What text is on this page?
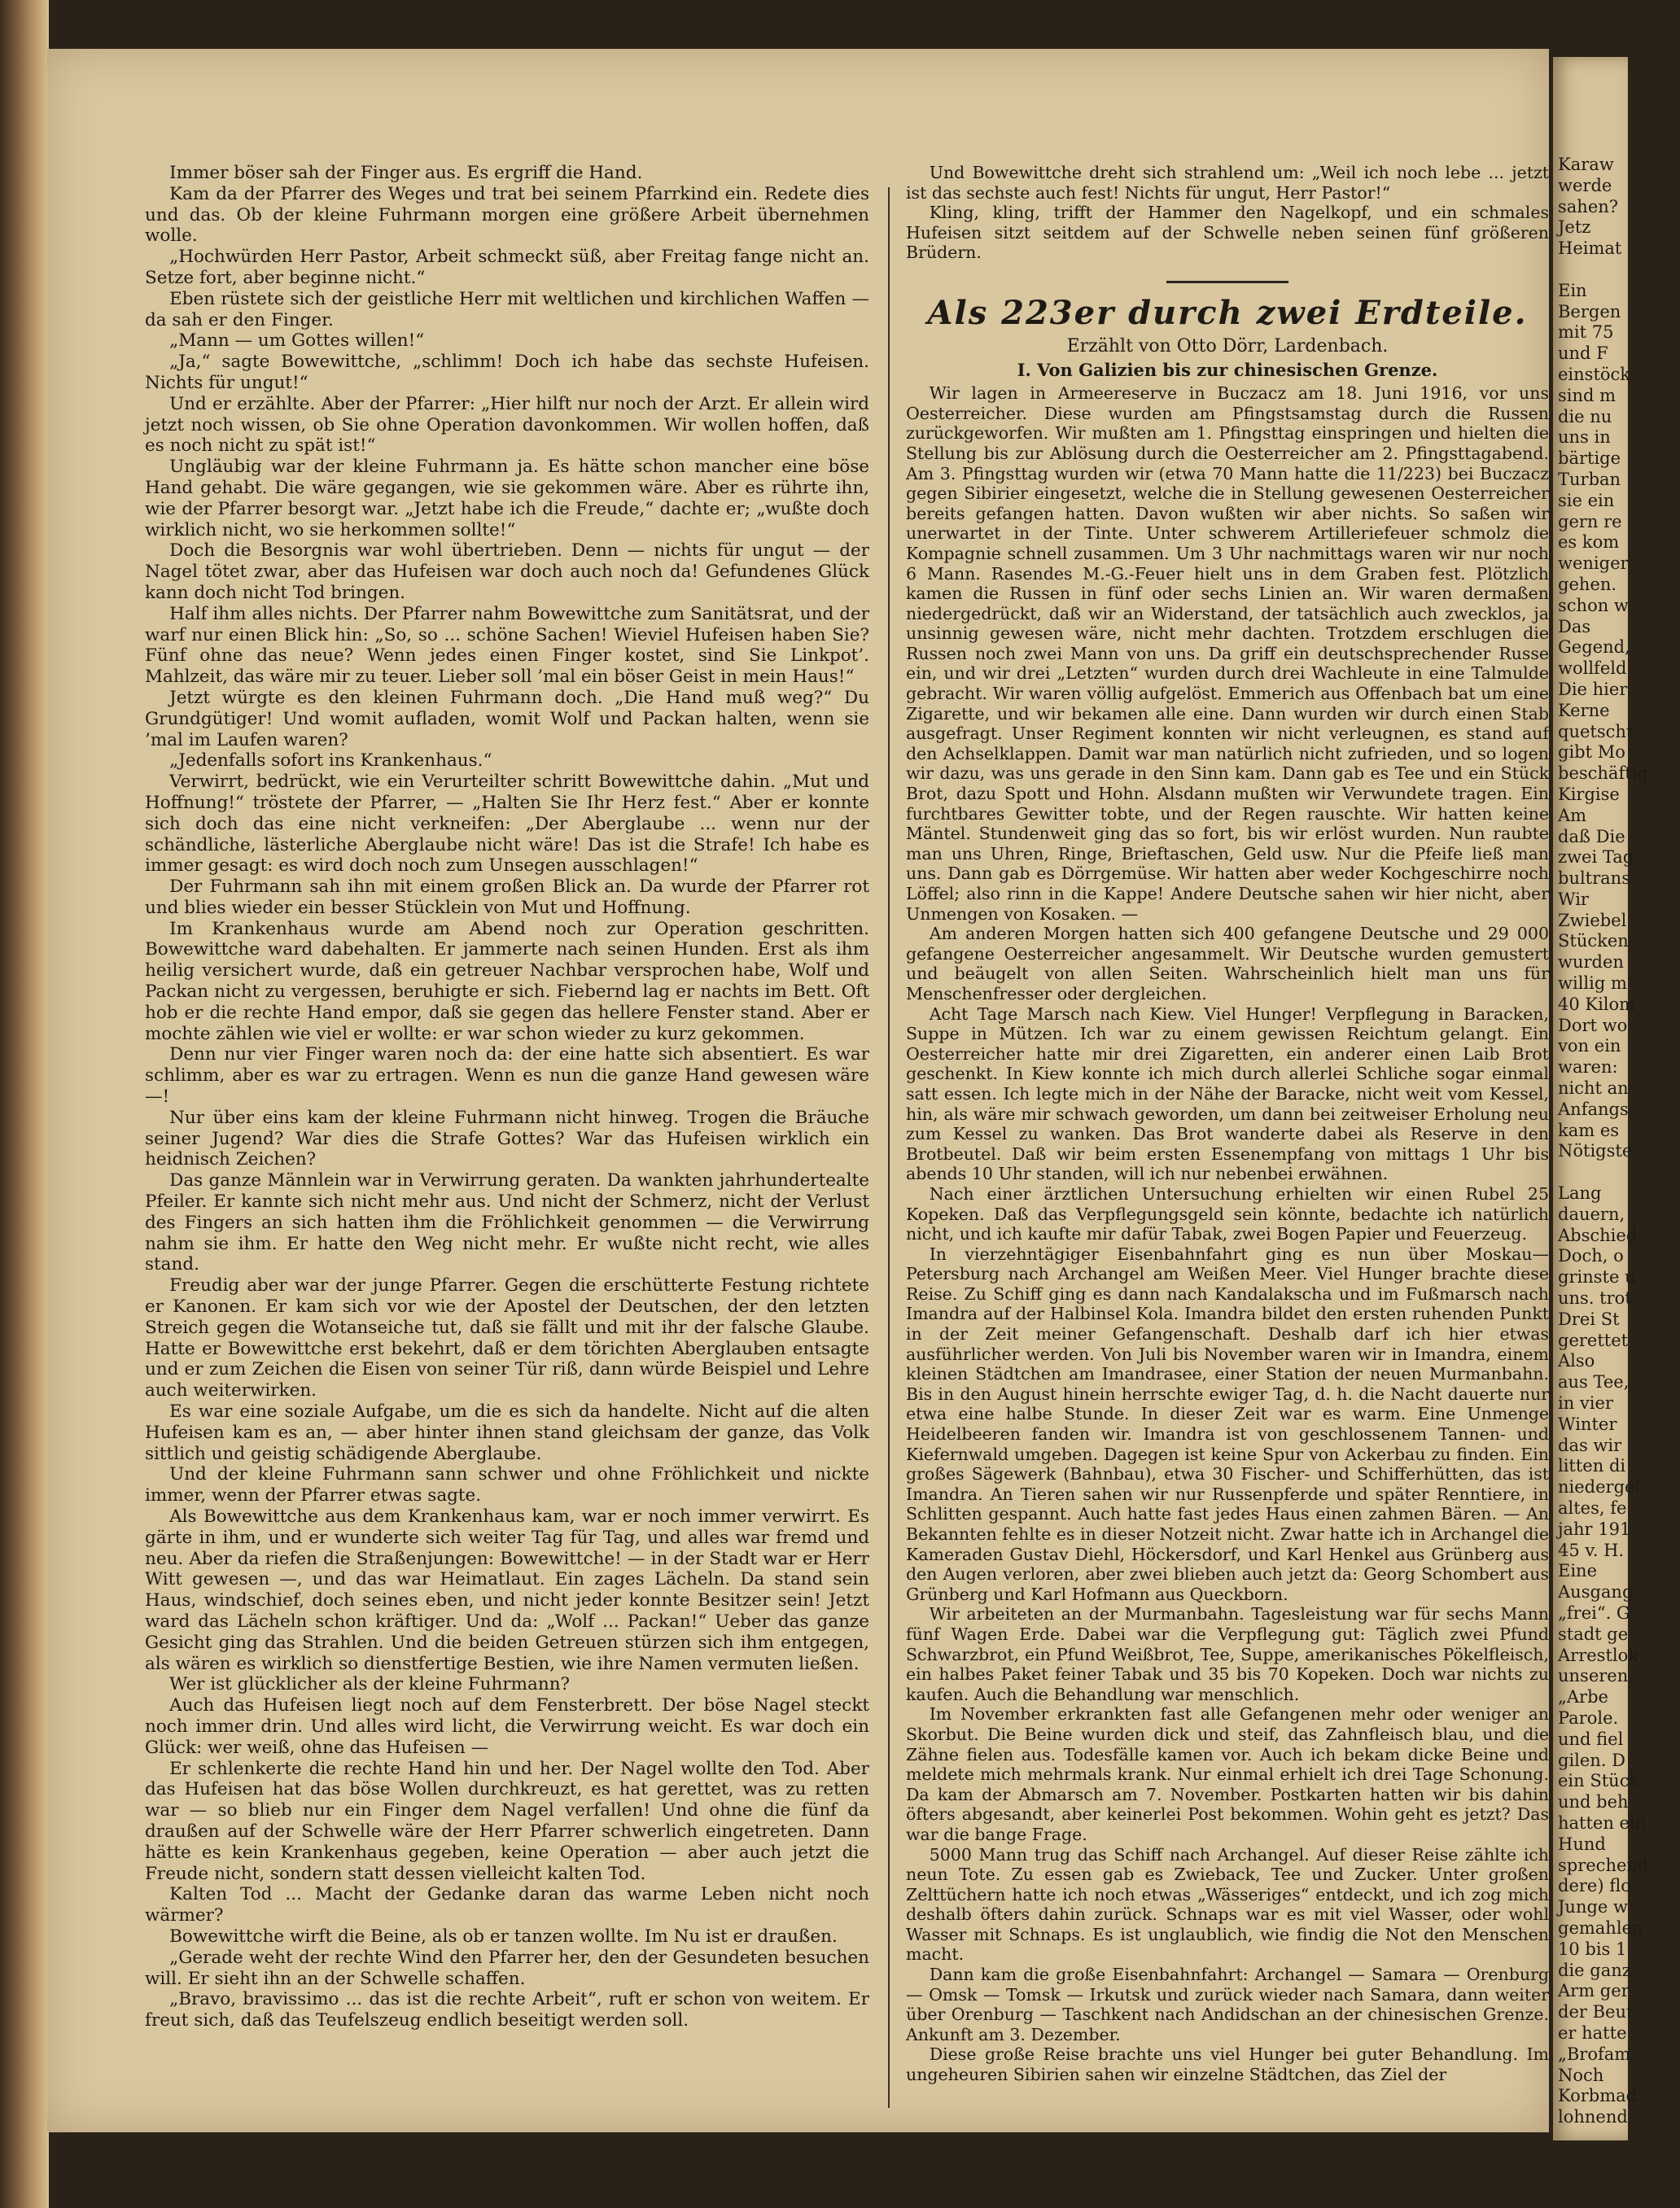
Immer böser sah der Finger aus. Es ergriff die Hand.

Kam da der Pfarrer des Weges und trat bei seinem Pfarrkind ein. Redete dies und das. Ob der kleine Fuhrmann morgen eine größere Arbeit übernehmen wolle.

„Hochwürden Herr Pastor, Arbeit schmeckt süß, aber Freitag fange nicht an. Setze fort, aber beginne nicht.“

Eben rüstete sich der geistliche Herr mit weltlichen und kirchlichen Waffen — da sah er den Finger.

„Mann — um Gottes willen!“

„Ja,“ sagte Bowewittche, „schlimm! Doch ich habe das sechste Hufeisen. Nichts für ungut!“

Und er erzählte. Aber der Pfarrer: „Hier hilft nur noch der Arzt. Er allein wird jetzt noch wissen, ob Sie ohne Operation davonkommen. Wir wollen hoffen, daß es noch nicht zu spät ist!“

Ungläubig war der kleine Fuhrmann ja. Es hätte schon mancher eine böse Hand gehabt. Die wäre gegangen, wie sie gekommen wäre. Aber es rührte ihn, wie der Pfarrer besorgt war. „Jetzt habe ich die Freude,“ dachte er; „wußte doch wirklich nicht, wo sie herkommen sollte!“

Doch die Besorgnis war wohl übertrieben. Denn — nichts für ungut — der Nagel tötet zwar, aber das Hufeisen war doch auch noch da! Gefundenes Glück kann doch nicht Tod bringen.

Half ihm alles nichts. Der Pfarrer nahm Bowewittche zum Sanitätsrat, und der warf nur einen Blick hin: „So, so ... schöne Sachen! Wieviel Hufeisen haben Sie? Fünf ohne das neue? Wenn jedes einen Finger kostet, sind Sie Linkpot’. Mahlzeit, das wäre mir zu teuer. Lieber soll ’mal ein böser Geist in mein Haus!“

Jetzt würgte es den kleinen Fuhrmann doch. „Die Hand muß weg?“ Du Grundgütiger! Und womit aufladen, womit Wolf und Packan halten, wenn sie ’mal im Laufen waren?

„Jedenfalls sofort ins Krankenhaus.“

Verwirrt, bedrückt, wie ein Verurteilter schritt Bowewittche dahin. „Mut und Hoffnung!“ tröstete der Pfarrer, — „Halten Sie Ihr Herz fest.“ Aber er konnte sich doch das eine nicht verkneifen: „Der Aberglaube ... wenn nur der schändliche, lästerliche Aberglaube nicht wäre! Das ist die Strafe! Ich habe es immer gesagt: es wird doch noch zum Unsegen ausschlagen!“

Der Fuhrmann sah ihn mit einem großen Blick an. Da wurde der Pfarrer rot und blies wieder ein besser Stücklein von Mut und Hoffnung.

Im Krankenhaus wurde am Abend noch zur Operation geschritten. Bowewittche ward dabehalten. Er jammerte nach seinen Hunden. Erst als ihm heilig versichert wurde, daß ein getreuer Nachbar versprochen habe, Wolf und Packan nicht zu vergessen, beruhigte er sich. Fiebernd lag er nachts im Bett. Oft hob er die rechte Hand empor, daß sie gegen das hellere Fenster stand. Aber er mochte zählen wie viel er wollte: er war schon wieder zu kurz gekommen.

Denn nur vier Finger waren noch da: der eine hatte sich absentiert. Es war schlimm, aber es war zu ertragen. Wenn es nun die ganze Hand gewesen wäre —!

Nur über eins kam der kleine Fuhrmann nicht hinweg. Trogen die Bräuche seiner Jugend? War dies die Strafe Gottes? War das Hufeisen wirklich ein heidnisch Zeichen?

Das ganze Männlein war in Verwirrung geraten. Da wankten jahrhundertealte Pfeiler. Er kannte sich nicht mehr aus. Und nicht der Schmerz, nicht der Verlust des Fingers an sich hatten ihm die Fröhlichkeit genommen — die Verwirrung nahm sie ihm. Er hatte den Weg nicht mehr. Er wußte nicht recht, wie alles stand.

Freudig aber war der junge Pfarrer. Gegen die erschütterte Festung richtete er Kanonen. Er kam sich vor wie der Apostel der Deutschen, der den letzten Streich gegen die Wotanseiche tut, daß sie fällt und mit ihr der falsche Glaube. Hatte er Bowewittche erst bekehrt, daß er dem törichten Aberglauben entsagte und er zum Zeichen die Eisen von seiner Tür riß, dann würde Beispiel und Lehre auch weiterwirken.

Es war eine soziale Aufgabe, um die es sich da handelte. Nicht auf die alten Hufeisen kam es an, — aber hinter ihnen stand gleichsam der ganze, das Volk sittlich und geistig schädigende Aberglaube.

Und der kleine Fuhrmann sann schwer und ohne Fröhlichkeit und nickte immer, wenn der Pfarrer etwas sagte.

Als Bowewittche aus dem Krankenhaus kam, war er noch immer verwirrt. Es gärte in ihm, und er wunderte sich weiter Tag für Tag, und alles war fremd und neu. Aber da riefen die Straßenjungen: Bowewittche! — in der Stadt war er Herr Witt gewesen —, und das war Heimatlaut. Ein zages Lächeln. Da stand sein Haus, windschief, doch seines eben, und nicht jeder konnte Besitzer sein! Jetzt ward das Lächeln schon kräftiger. Und da: „Wolf ... Packan!“ Ueber das ganze Gesicht ging das Strahlen. Und die beiden Getreuen stürzen sich ihm entgegen, als wären es wirklich so dienstfertige Bestien, wie ihre Namen vermuten ließen.

Wer ist glücklicher als der kleine Fuhrmann?

Auch das Hufeisen liegt noch auf dem Fensterbrett. Der böse Nagel steckt noch immer drin. Und alles wird licht, die Verwirrung weicht. Es war doch ein Glück: wer weiß, ohne das Hufeisen —

Er schlenkerte die rechte Hand hin und her. Der Nagel wollte den Tod. Aber das Hufeisen hat das böse Wollen durchkreuzt, es hat gerettet, was zu retten war — so blieb nur ein Finger dem Nagel verfallen! Und ohne die fünf da draußen auf der Schwelle wäre der Herr Pfarrer schwerlich eingetreten. Dann hätte es kein Krankenhaus gegeben, keine Operation — aber auch jetzt die Freude nicht, sondern statt dessen vielleicht kalten Tod.

Kalten Tod ... Macht der Gedanke daran das warme Leben nicht noch wärmer?

Bowewittche wirft die Beine, als ob er tanzen wollte. Im Nu ist er draußen.

„Gerade weht der rechte Wind den Pfarrer her, den der Gesundeten besuchen will. Er sieht ihn an der Schwelle schaffen.

„Bravo, bravissimo ... das ist die rechte Arbeit“, ruft er schon von weitem. Er freut sich, daß das Teufelszeug endlich beseitigt werden soll.

Und Bowewittche dreht sich strahlend um: „Weil ich noch lebe ... jetzt ist das sechste auch fest! Nichts für ungut, Herr Pastor!“

Kling, kling, trifft der Hammer den Nagelkopf, und ein schmales Hufeisen sitzt seitdem auf der Schwelle neben seinen fünf größeren Brüdern.

Als 223er durch zwei Erdteile.
Erzählt von Otto Dörr, Lardenbach.
I. Von Galizien bis zur chinesischen Grenze.

Wir lagen in Armeereserve in Buczacz am 18. Juni 1916, vor uns Oesterreicher. Diese wurden am Pfingstsamstag durch die Russen zurückgeworfen. Wir mußten am 1. Pfingsttag einspringen und hielten die Stellung bis zur Ablösung durch die Oesterreicher am 2. Pfingsttagabend. Am 3. Pfingsttag wurden wir (etwa 70 Mann hatte die 11/223) bei Buczacz gegen Sibirier eingesetzt, welche die in Stellung gewesenen Oesterreicher bereits gefangen hatten. Davon wußten wir aber nichts. So saßen wir unerwartet in der Tinte. Unter schwerem Artilleriefeuer schmolz die Kompagnie schnell zusammen. Um 3 Uhr nachmittags waren wir nur noch 6 Mann. Rasendes M.-G.-Feuer hielt uns in dem Graben fest. Plötzlich kamen die Russen in fünf oder sechs Linien an. Wir waren dermaßen niedergedrückt, daß wir an Widerstand, der tatsächlich auch zwecklos, ja unsinnig gewesen wäre, nicht mehr dachten. Trotzdem erschlugen die Russen noch zwei Mann von uns. Da griff ein deutschsprechender Russe ein, und wir drei „Letzten“ wurden durch drei Wachleute in eine Talmulde gebracht. Wir waren völlig aufgelöst. Emmerich aus Offenbach bat um eine Zigarette, und wir bekamen alle eine. Dann wurden wir durch einen Stab ausgefragt. Unser Regiment konnten wir nicht verleugnen, es stand auf den Achselklappen. Damit war man natürlich nicht zufrieden, und so logen wir dazu, was uns gerade in den Sinn kam. Dann gab es Tee und ein Stück Brot, dazu Spott und Hohn. Alsdann mußten wir Verwundete tragen. Ein furchtbares Gewitter tobte, und der Regen rauschte. Wir hatten keine Mäntel. Stundenweit ging das so fort, bis wir erlöst wurden. Nun raubte man uns Uhren, Ringe, Brieftaschen, Geld usw. Nur die Pfeife ließ man uns. Dann gab es Dörrgemüse. Wir hatten aber weder Kochgeschirre noch Löffel; also rinn in die Kappe! Andere Deutsche sahen wir hier nicht, aber Unmengen von Kosaken. —

Am anderen Morgen hatten sich 400 gefangene Deutsche und 29 000 gefangene Oesterreicher angesammelt. Wir Deutsche wurden gemustert und beäugelt von allen Seiten. Wahrscheinlich hielt man uns für Menschenfresser oder dergleichen.

Acht Tage Marsch nach Kiew. Viel Hunger! Verpflegung in Baracken, Suppe in Mützen. Ich war zu einem gewissen Reichtum gelangt. Ein Oesterreicher hatte mir drei Zigaretten, ein anderer einen Laib Brot geschenkt. In Kiew konnte ich mich durch allerlei Schliche sogar einmal satt essen. Ich legte mich in der Nähe der Baracke, nicht weit vom Kessel, hin, als wäre mir schwach geworden, um dann bei zeitweiser Erholung neu zum Kessel zu wanken. Das Brot wanderte dabei als Reserve in den Brotbeutel. Daß wir beim ersten Essenempfang von mittags 1 Uhr bis abends 10 Uhr standen, will ich nur nebenbei erwähnen.

Nach einer ärztlichen Untersuchung erhielten wir einen Rubel 25 Kopeken. Daß das Verpflegungsgeld sein könnte, bedachte ich natürlich nicht, und ich kaufte mir dafür Tabak, zwei Bogen Papier und Feuerzeug.

In vierzehntägiger Eisenbahnfahrt ging es nun über Moskau—Petersburg nach Archangel am Weißen Meer. Viel Hunger brachte diese Reise. Zu Schiff ging es dann nach Kandalakscha und im Fußmarsch nach Imandra auf der Halbinsel Kola. Imandra bildet den ersten ruhenden Punkt in der Zeit meiner Gefangenschaft. Deshalb darf ich hier etwas ausführlicher werden. Von Juli bis November waren wir in Imandra, einem kleinen Städtchen am Imandrasee, einer Station der neuen Murmanbahn. Bis in den August hinein herrschte ewiger Tag, d. h. die Nacht dauerte nur etwa eine halbe Stunde. In dieser Zeit war es warm. Eine Unmenge Heidelbeeren fanden wir. Imandra ist von geschlossenem Tannen- und Kiefernwald umgeben. Dagegen ist keine Spur von Ackerbau zu finden. Ein großes Sägewerk (Bahnbau), etwa 30 Fischer- und Schifferhütten, das ist Imandra. An Tieren sahen wir nur Russenpferde und später Renntiere, in Schlitten gespannt. Auch hatte fast jedes Haus einen zahmen Bären. — An Bekannten fehlte es in dieser Notzeit nicht. Zwar hatte ich in Archangel die Kameraden Gustav Diehl, Höckersdorf, und Karl Henkel aus Grünberg aus den Augen verloren, aber zwei blieben auch jetzt da: Georg Schombert aus Grünberg und Karl Hofmann aus Queckborn.

Wir arbeiteten an der Murmanbahn. Tagesleistung war für sechs Mann fünf Wagen Erde. Dabei war die Verpflegung gut: Täglich zwei Pfund Schwarzbrot, ein Pfund Weißbrot, Tee, Suppe, amerikanisches Pökelfleisch, ein halbes Paket feiner Tabak und 35 bis 70 Kopeken. Doch war nichts zu kaufen. Auch die Behandlung war menschlich.

Im November erkrankten fast alle Gefangenen mehr oder weniger an Skorbut. Die Beine wurden dick und steif, das Zahnfleisch blau, und die Zähne fielen aus. Todesfälle kamen vor. Auch ich bekam dicke Beine und meldete mich mehrmals krank. Nur einmal erhielt ich drei Tage Schonung. Da kam der Abmarsch am 7. November. Postkarten hatten wir bis dahin öfters abgesandt, aber keinerlei Post bekommen. Wohin geht es jetzt? Das war die bange Frage.

5000 Mann trug das Schiff nach Archangel. Auf dieser Reise zählte ich neun Tote. Zu essen gab es Zwieback, Tee und Zucker. Unter großen Zelttüchern hatte ich noch etwas „Wässeriges“ entdeckt, und ich zog mich deshalb öfters dahin zurück. Schnaps war es mit viel Wasser, oder wohl Wasser mit Schnaps. Es ist unglaublich, wie findig die Not den Menschen macht.

Dann kam die große Eisenbahnfahrt: Archangel — Samara — Orenburg — Omsk — Tomsk — Irkutsk und zurück wieder nach Samara, dann weiter über Orenburg — Taschkent nach Andidschan an der chinesischen Grenze. Ankunft am 3. Dezember.

Diese große Reise brachte uns viel Hunger bei guter Behandlung. Im ungeheuren Sibirien sahen wir einzelne Städtchen, das Ziel der

Karaw
werde
sahen?
Jetz
Heimat
Ein
Bergen
mit 75
und F
einstöck
sind m
die nu
uns in
bärtige
Turban
sie ein
gern re
es kom
weniger
gehen.
schon w
Das
Gegend,
wollfeld
Die hier
Kerne
quetscht.
gibt Mo
beschäftig
Kirgise
Am
daß Die
zwei Tag
bultrans
Wir
Zwiebel
Stücken
wurden
willig m
40 Kilom
Dort wo
von ein
waren:
nicht an
Anfangs
kam es
Nötigste
Lang
dauern,
Abschied
Doch, o
grinste u
uns. trot
Drei St
gerettet
Also
aus Tee,
in vier
Winter
das wir
litten di
niedergel
altes, fe
jahr 191
45 v. H.
Eine
Ausgang
„frei“. G
stadt ge
Arrestlok
unseren
„Arbe
Parole.
und fiel
gilen. D
ein Stück
und beh
hatten ein
Hund
sprechend
dere) flo
Junge w
gemahlen
10 bis 1
die ganz
Arm ger
der Beut
er hatte
„Brofam
Noch
Korbmad
lohnend
